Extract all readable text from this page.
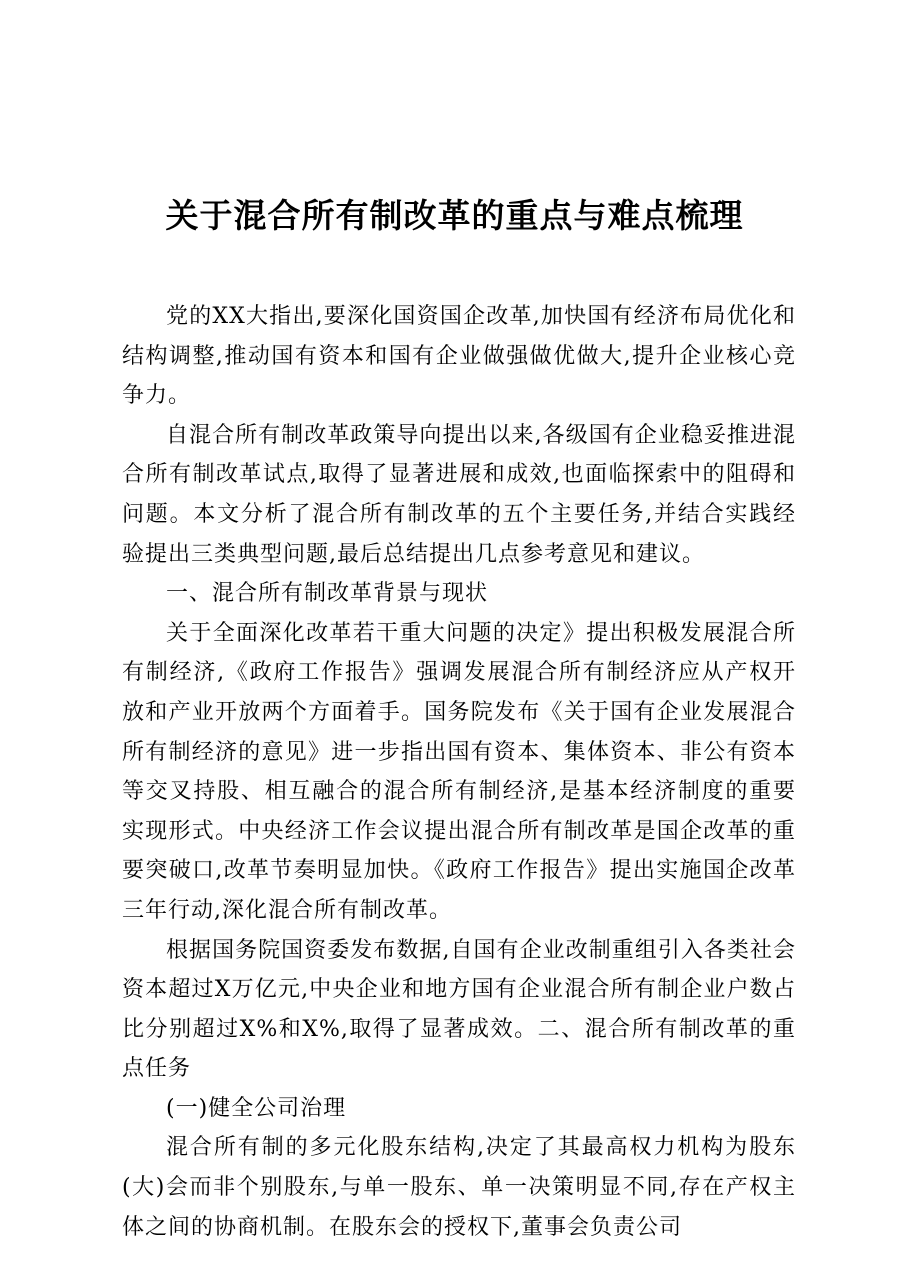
关于混合所有制改革的重点与难点梳理

党的XX大指出,要深化国资国企改革,加快国有经济布局优化和结构调整,推动国有资本和国有企业做强做优做大,提升企业核心竞争力。

自混合所有制改革政策导向提出以来,各级国有企业稳妥推进混合所有制改革试点,取得了显著进展和成效,也面临探索中的阻碍和问题。本文分析了混合所有制改革的五个主要任务,并结合实践经验提出三类典型问题,最后总结提出几点参考意见和建议。

一、混合所有制改革背景与现状

关于全面深化改革若干重大问题的决定》提出积极发展混合所有制经济,《政府工作报告》强调发展混合所有制经济应从产权开放和产业开放两个方面着手。国务院发布《关于国有企业发展混合所有制经济的意见》进一步指出国有资本、集体资本、非公有资本等交叉持股、相互融合的混合所有制经济,是基本经济制度的重要实现形式。中央经济工作会议提出混合所有制改革是国企改革的重要突破口,改革节奏明显加快。《政府工作报告》提出实施国企改革三年行动,深化混合所有制改革。

根据国务院国资委发布数据,自国有企业改制重组引入各类社会资本超过X万亿元,中央企业和地方国有企业混合所有制企业户数占比分别超过X%和X%,取得了显著成效。二、混合所有制改革的重点任务

(一)健全公司治理

混合所有制的多元化股东结构,决定了其最高权力机构为股东(大)会而非个别股东,与单一股东、单一决策明显不同,存在产权主体之间的协商机制。在股东会的授权下,董事会负责公司
